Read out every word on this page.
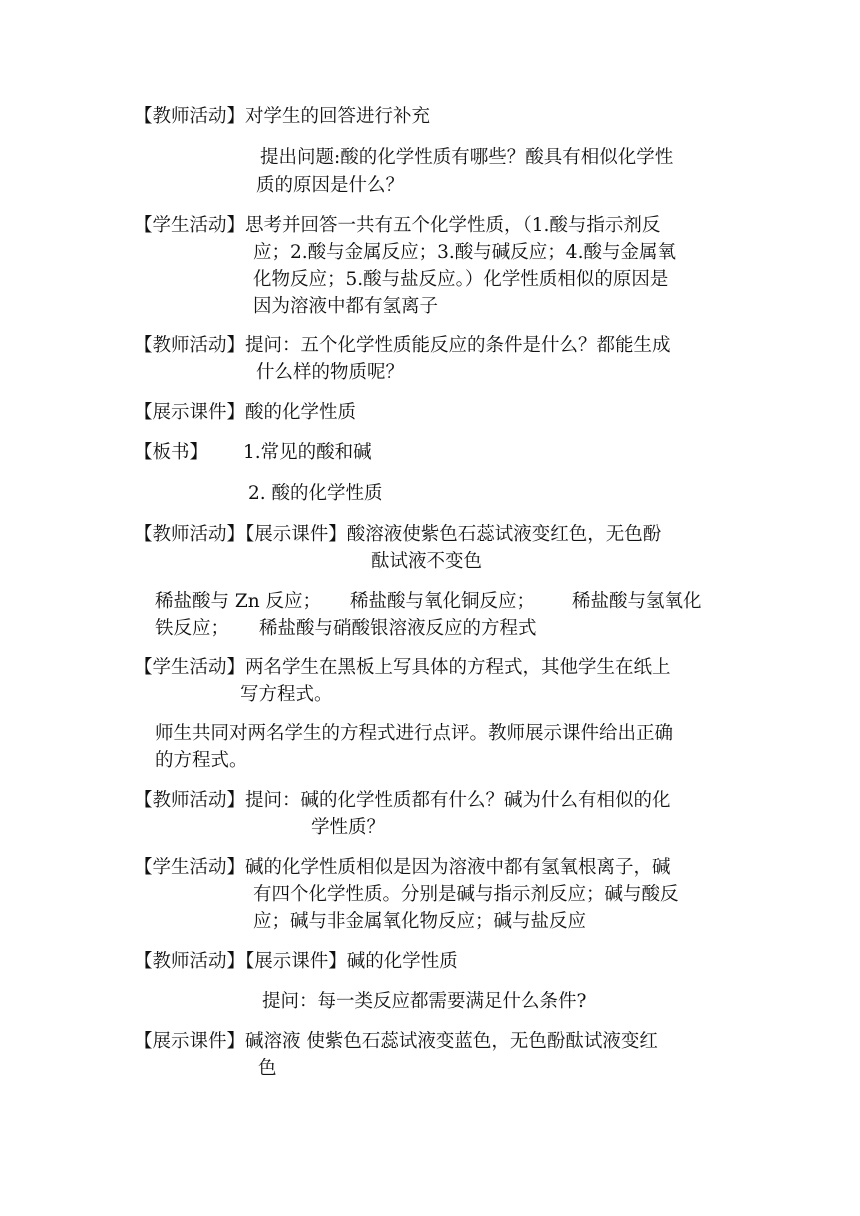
【教师活动】对学生的回答进行补充
提出问题:酸的化学性质有哪些？酸具有相似化学性
质的原因是什么？
【学生活动】思考并回答一共有五个化学性质，（1.酸与指示剂反
应；2.酸与金属反应；3.酸与碱反应；4.酸与金属氧
化物反应；5.酸与盐反应。）化学性质相似的原因是
因为溶液中都有氢离子
【教师活动】提问：五个化学性质能反应的条件是什么？都能生成
什么样的物质呢？
【展示课件】酸的化学性质
【板书】 1.常见的酸和碱
2. 酸的化学性质
【教师活动】【展示课件】酸溶液使紫色石蕊试液变红色，无色酚
酞试液不变色
稀盐酸与 Zn 反应； 稀盐酸与氧化铜反应； 稀盐酸与氢氧化
铁反应； 稀盐酸与硝酸银溶液反应的方程式
【学生活动】两名学生在黑板上写具体的方程式，其他学生在纸上
写方程式。
师生共同对两名学生的方程式进行点评。教师展示课件给出正确
的方程式。
【教师活动】提问：碱的化学性质都有什么？碱为什么有相似的化
学性质？
【学生活动】碱的化学性质相似是因为溶液中都有氢氧根离子，碱
有四个化学性质。分别是碱与指示剂反应；碱与酸反
应；碱与非金属氧化物反应；碱与盐反应
【教师活动】【展示课件】碱的化学性质
提问：每一类反应都需要满足什么条件?
【展示课件】碱溶液 使紫色石蕊试液变蓝色，无色酚酞试液变红
色
